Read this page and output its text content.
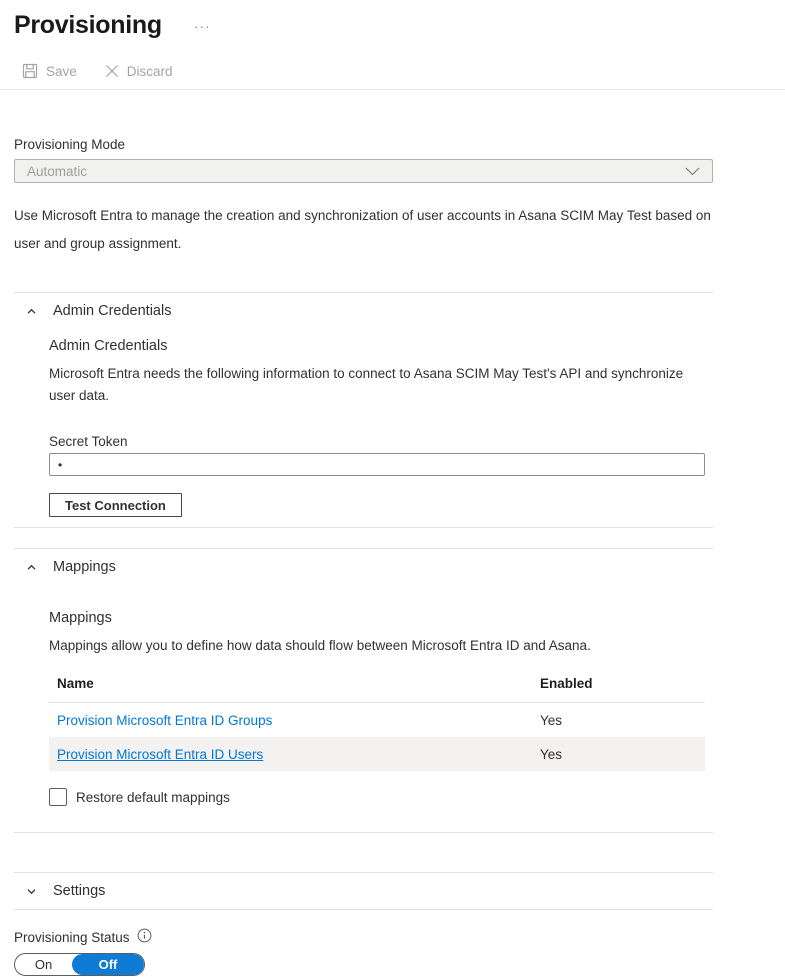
Provisioning ···
Save	Discard
Provisioning Mode
Automatic
Use Microsoft Entra to manage the creation and synchronization of user accounts in Asana SCIM May Test based on user and group assignment.
Admin Credentials
Admin Credentials
Microsoft Entra needs the following information to connect to Asana SCIM May Test's API and synchronize user data.
Secret Token
• Test Connection
Mappings
Mappings
Mappings allow you to define how data should flow between Microsoft Entra ID and Asana.
Name	Enabled
Provision Microsoft Entra ID Groups	Yes
Provision Microsoft Entra ID Users	Yes
Restore default mappings
Settings
Provisioning Status
On	Off
